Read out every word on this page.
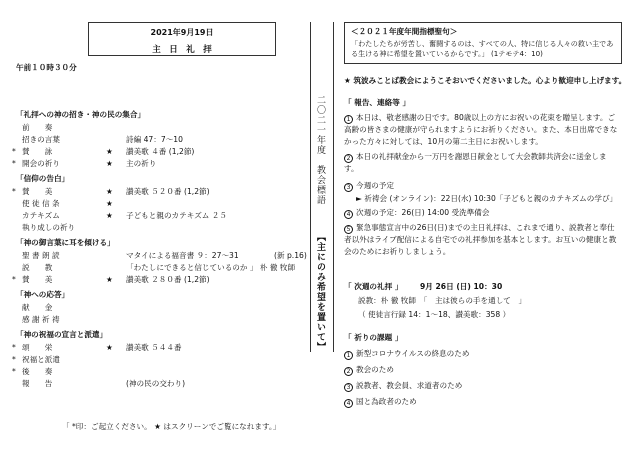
2021年9月19日
主　日　礼　拝
午前１０時３０分
「礼拝への神の招き・神の民の集合」
前　　奏
招きの言葉	詩編 47：7～10
* 賛　　詠	★ 讃美歌 ４番 (1,2節)
* 開会の祈り	★ 主の祈り
「信仰の告白」
* 賛　　美	★ 讃美歌 ５２０番 (1,2節)
使 徒 信 条	★
カテキズム	★ 子どもと親のカテキズム ２５
執り成しの祈り
「神の御言葉に耳を傾ける」
聖 書 朗 読	マタイによる福音書 ９：27～31	(新 p.16)
説　　教	「わたしにできると信じているのか 」 朴 徹 牧師
* 賛　　美	★ 讃美歌 ２８０番 (1,2節)
「神への応答」
献　　金
感 謝 祈 祷
「神の祝福の宣言と派遣」
* 頌　　栄	★ 讃美歌 ５４４番
* 祝福と派遣
* 後　　奏
報　　告	(神の民の交わり)
「 *印：ご起立ください。 ★ はスクリーンでご覧になれます。」
二〇二一年度　教会標語
【主にのみ希望を置いて】
＜２０２１年度年間指標聖句＞
「わたしたちが労苦し、奮闘するのは、すべての人、特に信じる人々の救い主である生ける神に希望を置いているからです。」 (1テモテ4：10)
★ 筑波みことば教会にようこそおいでくださいました。心より歓迎申し上げます。
「 報告、連絡等 」
1 本日は、敬老感謝の日です。80歳以上の方にお祝いの花束を贈呈します。ご高齢の皆さまの健康が守られますようにお祈りください。また、本日出席できなかった方々に対しては、10月の第二主日にお祝いします。
2 本日の礼拝献金から一万円を謝恩日献金として大会教師共済会に送金します。
3 今週の予定
► 祈祷会 (オンライン)：22日(水) 10:30「子どもと親のカテキズムの学び」
4 次週の予定：26(日) 14:00 受洗準備会
5 緊急事態宣言中の26日(日)までの主日礼拝は、これまで通り、説教者と奉仕者以外はライブ配信による自宅での礼拝参加を基本とします。お互いの健康と教会のためにお祈りしましょう。
「 次週の礼拝 」 9月 26日 (日) 10：30
説教：朴 徹 牧師　「　主は彼らの手を通して　」
（ 使徒言行録 14：1～18、讃美歌：358 ）
「 祈りの課題 」
1 新型コロナウイルスの終息のため
2 教会のため
3 説教者、教会員、求道者のため
4 国と為政者のため
